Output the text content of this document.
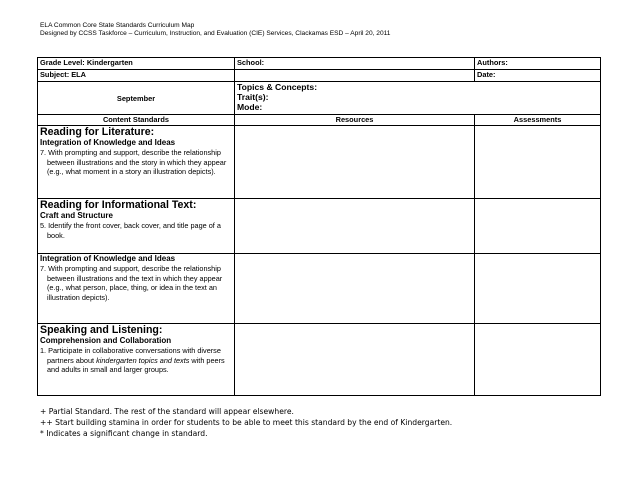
ELA Common Core State Standards Curriculum Map
Designed by CCSS Taskforce – Curriculum, Instruction, and Evaluation (CIE) Services, Clackamas ESD – April 20, 2011
Grade Level: Kindergarten	School:	Authors:
Subject: ELA		Date:
September	Topics & Concepts:
Trait(s):
Mode:	

Content Standards	Resources	Assessments

Reading for Literature:
Integration of Knowledge and Ideas
7. With prompting and support, describe the relationship between illustrations and the story in which they appear (e.g., what moment in a story an illustration depicts).		

Reading for Informational Text:
Craft and Structure
5. Identify the front cover, back cover, and title page of a book.		

Integration of Knowledge and Ideas
7. With prompting and support, describe the relationship between illustrations and the text in which they appear (e.g., what person, place, thing, or idea in the text an illustration depicts).		

Speaking and Listening:
Comprehension and Collaboration
1. Participate in collaborative conversations with diverse partners about kindergarten topics and texts with peers and adults in small and larger groups.		

+ Partial Standard. The rest of the standard will appear elsewhere.
++ Start building stamina in order for students to be able to meet this standard by the end of Kindergarten.
* Indicates a significant change in standard.
